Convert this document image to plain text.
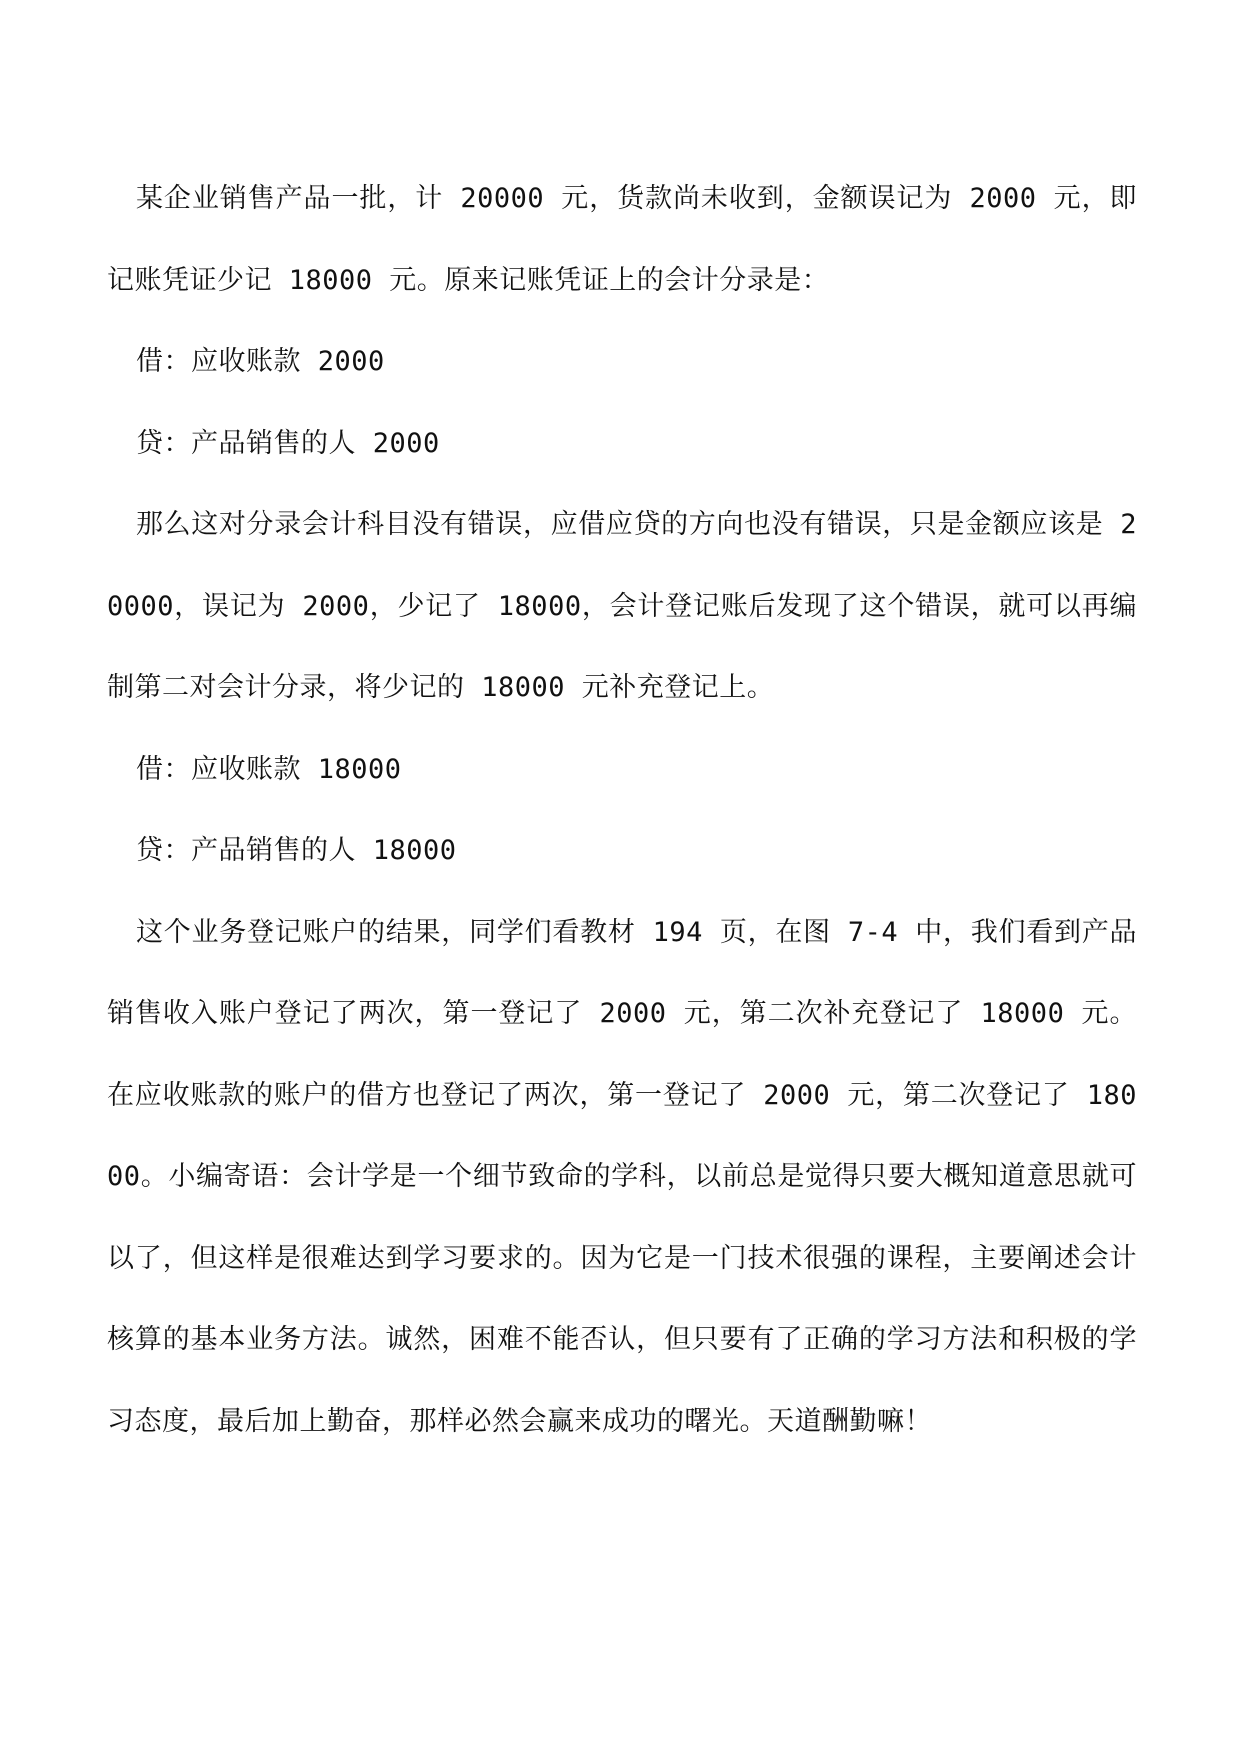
某企业销售产品一批，计 20000 元，货款尚未收到，金额误记为 2000 元，即记账凭证少记 18000 元。原来记账凭证上的会计分录是：

借：应收账款 2000

贷：产品销售的人 2000

那么这对分录会计科目没有错误，应借应贷的方向也没有错误，只是金额应该是 20000，误记为 2000，少记了 18000，会计登记账后发现了这个错误，就可以再编制第二对会计分录，将少记的 18000 元补充登记上。

借：应收账款 18000

贷：产品销售的人 18000

这个业务登记账户的结果，同学们看教材 194 页，在图 7-4 中，我们看到产品销售收入账户登记了两次，第一登记了 2000 元，第二次补充登记了 18000 元。在应收账款的账户的借方也登记了两次，第一登记了 2000 元，第二次登记了 18000。小编寄语：会计学是一个细节致命的学科，以前总是觉得只要大概知道意思就可以了，但这样是很难达到学习要求的。因为它是一门技术很强的课程，主要阐述会计核算的基本业务方法。诚然，困难不能否认，但只要有了正确的学习方法和积极的学习态度，最后加上勤奋，那样必然会赢来成功的曙光。天道酬勤嘛！
